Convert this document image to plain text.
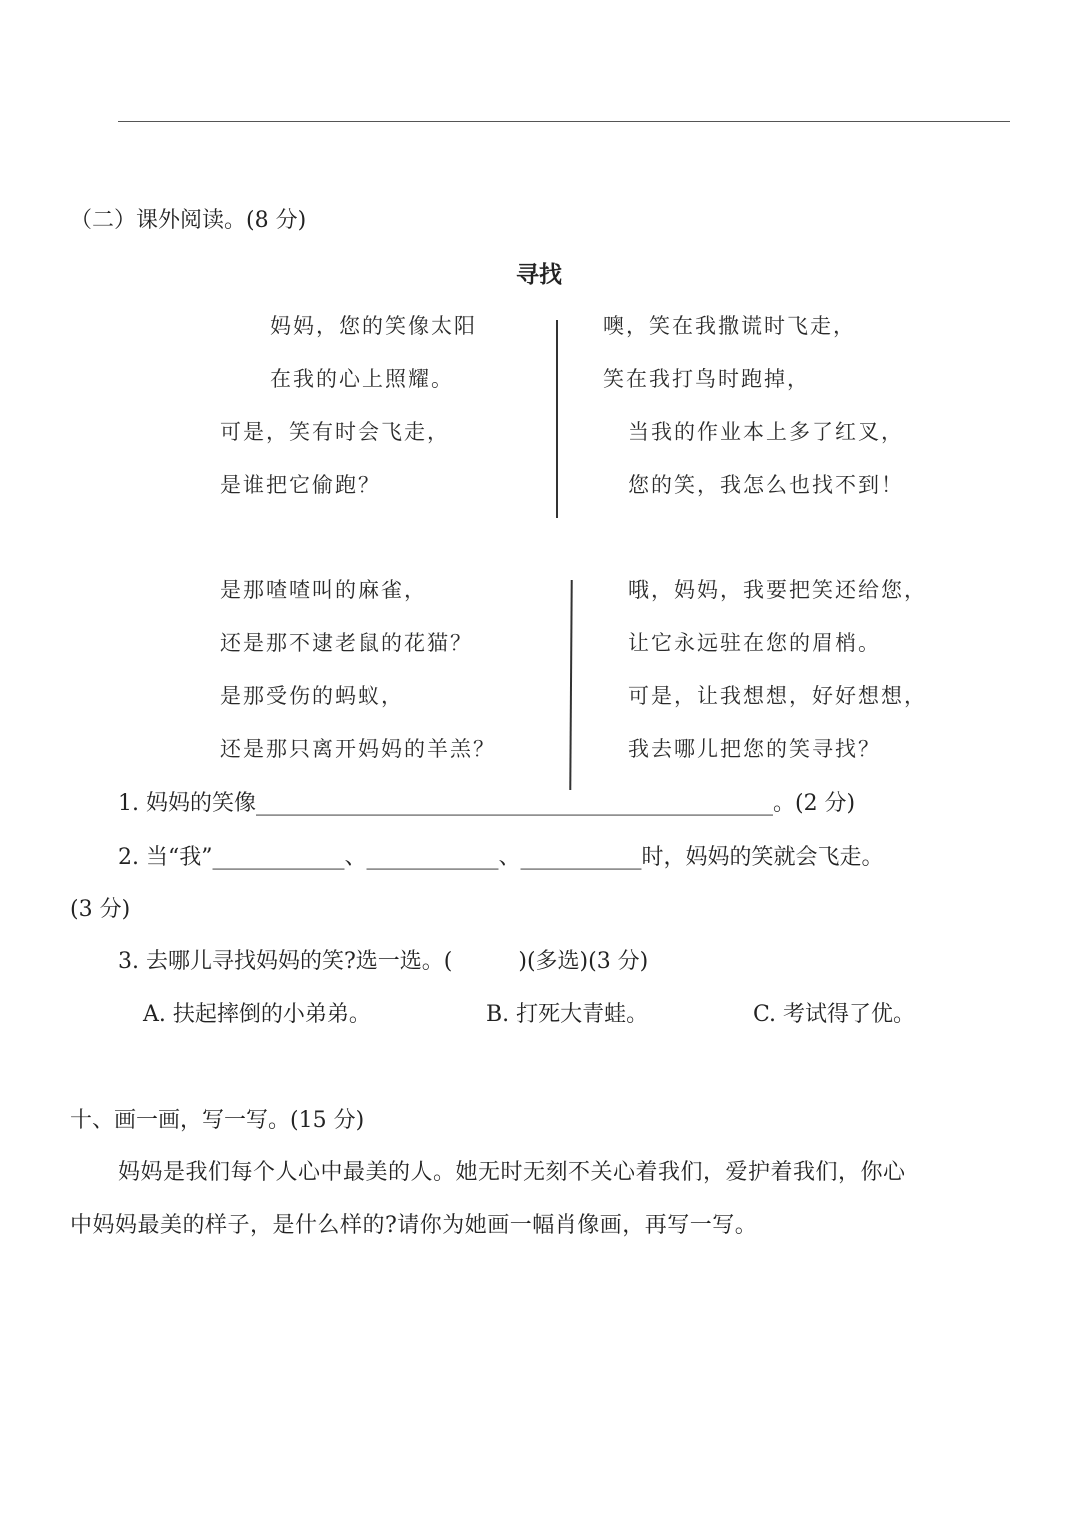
（二）课外阅读。(8 分)
寻找
妈妈，您的笑像太阳
在我的心上照耀。
可是，笑有时会飞走，
是谁把它偷跑？
噢，笑在我撒谎时飞走，
笑在我打鸟时跑掉，
当我的作业本上多了红叉，
您的笑，我怎么也找不到！
是那喳喳叫的麻雀，
还是那不逮老鼠的花猫？
是那受伤的蚂蚁，
还是那只离开妈妈的羊羔？
哦，妈妈，我要把笑还给您，
让它永远驻在您的眉梢。
可是，让我想想，好好想想，
我去哪儿把您的笑寻找？
1. 妈妈的笑像_______________________________________________。(2 分)
2. 当“我”____________、____________、___________时，妈妈的笑就会飞走。
(3 分)
3. 去哪儿寻找妈妈的笑?选一选。(　　　)(多选)(3 分)
A. 扶起摔倒的小弟弟。	B. 打死大青蛙。	C. 考试得了优。
十、画一画，写一写。(15 分)
妈妈是我们每个人心中最美的人。她无时无刻不关心着我们，爱护着我们，你心
中妈妈最美的样子，是什么样的?请你为她画一幅肖像画，再写一写。
